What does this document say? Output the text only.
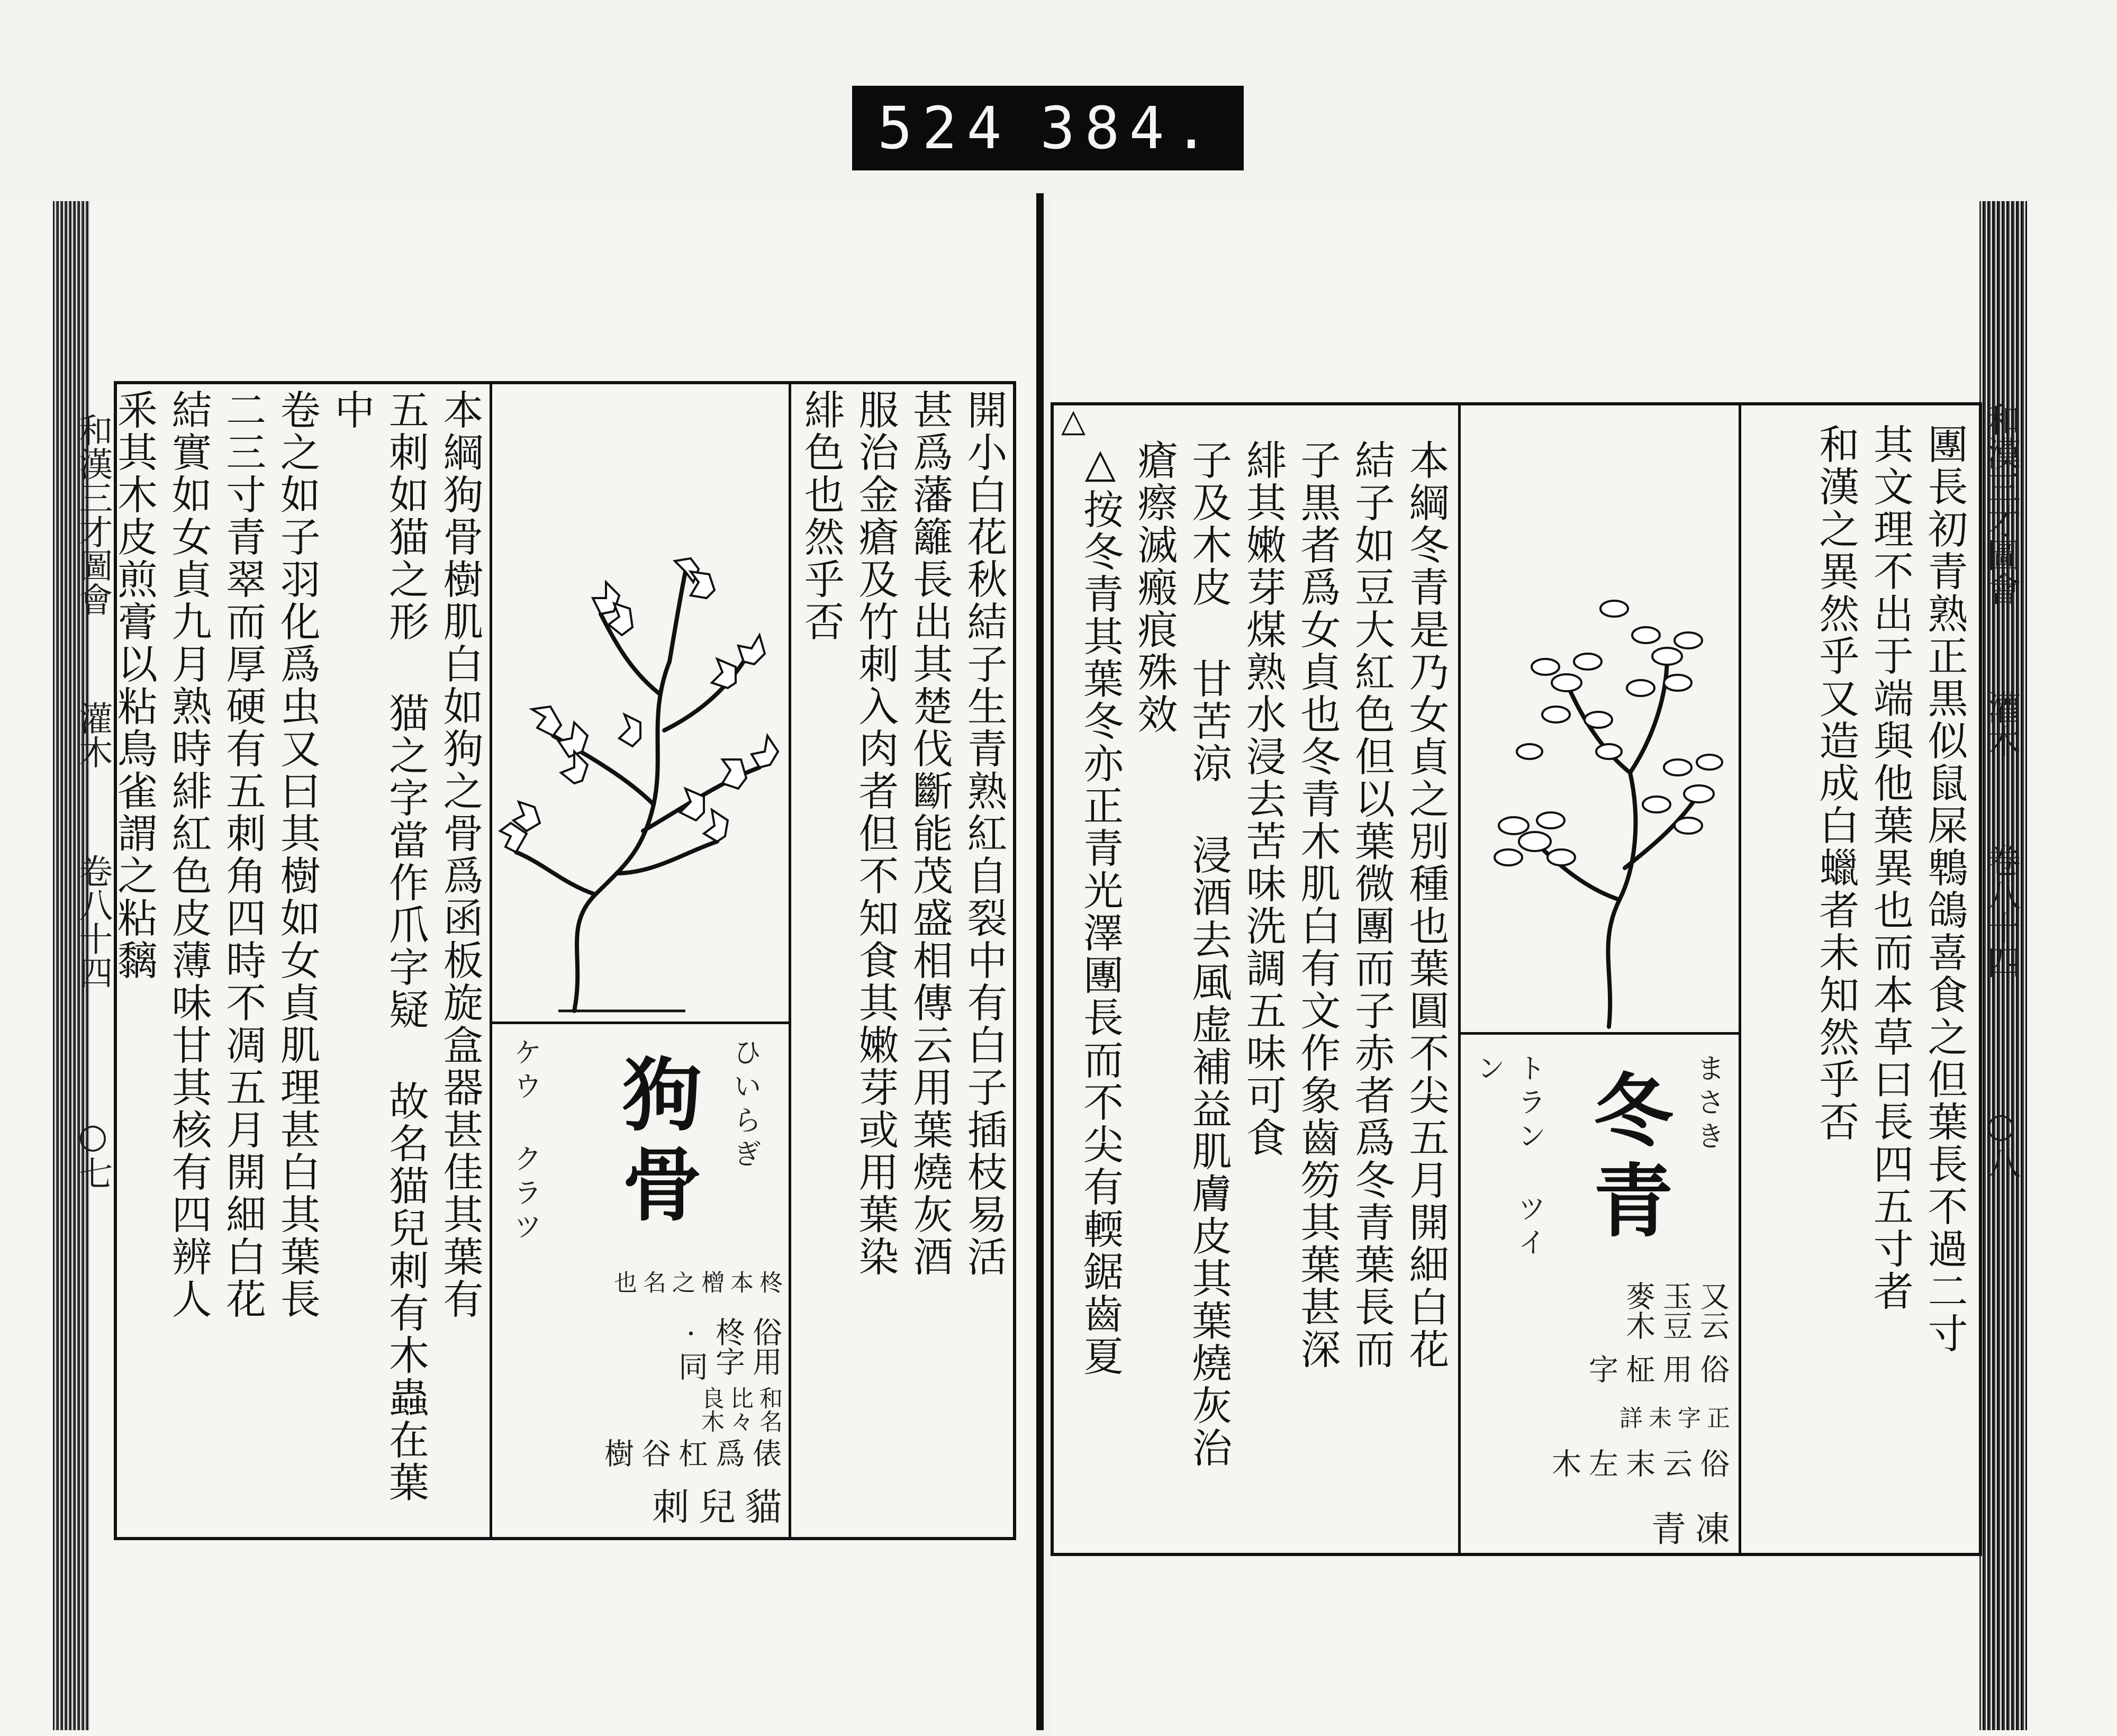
524 384.
和漢三才圖會  灌木  卷八十四  ○七	本綱狗骨樹肌白如狗之骨爲函板旋盒器甚佳其葉有
五刺如猫之形 猫之字當作爪字疑 故名猫兒刺有木蟲在葉中
卷之如子羽化爲虫又曰其樹如女貞肌理甚白其葉長
二三寸青翠而厚硬有五刺角四時不凋五月開細白花
結實如女貞九月熟時緋紅色皮薄味甘其核有四辨人
釆其木皮煎膏以粘鳥雀謂之粘黐
狗骨 ひいらぎ
ケウ クラツ
貓兒刺
俵爲杠谷樹
和名比々良木
俗用柊字 ·同
柊本橧之名也
開小白花秋結子生青熟紅自裂中有白子插枝易活
甚爲藩籬長出其楚伐斷能茂盛相傳云用葉燒灰酒
服治金瘡及竹刺入肉者但不知食其嫩芽或用葉染
緋色也然乎否	△
本綱冬青是乃女貞之別種也葉圓不尖五月開細白花
結子如豆大紅色但以葉微團而子赤者爲冬青葉長而
子黒者爲女貞也冬青木肌白有文作象齒笏其葉甚深
緋其嫩芽煤熟水浸去苦味洗調五味可食
子及木皮 甘苦涼 浸酒去風虚補益肌膚皮其葉燒灰治
瘡瘵滅瘢痕殊效
△按冬青其葉冬亦正青光澤團長而不尖有輭鋸齒夏	冬青 まさき
トラン ツイン
凍青
俗云末左木
正字未詳
俗用柾字
又云玉豆麥木	團長初青熟正黒似鼠屎鵯鴿喜食之但葉長不過二寸
其文理不出于端與他葉異也而本草曰長四五寸者
和漢之異然乎又造成白蠟者未知然乎否	和漢三才圖會  灌木  卷八十四  ○八
